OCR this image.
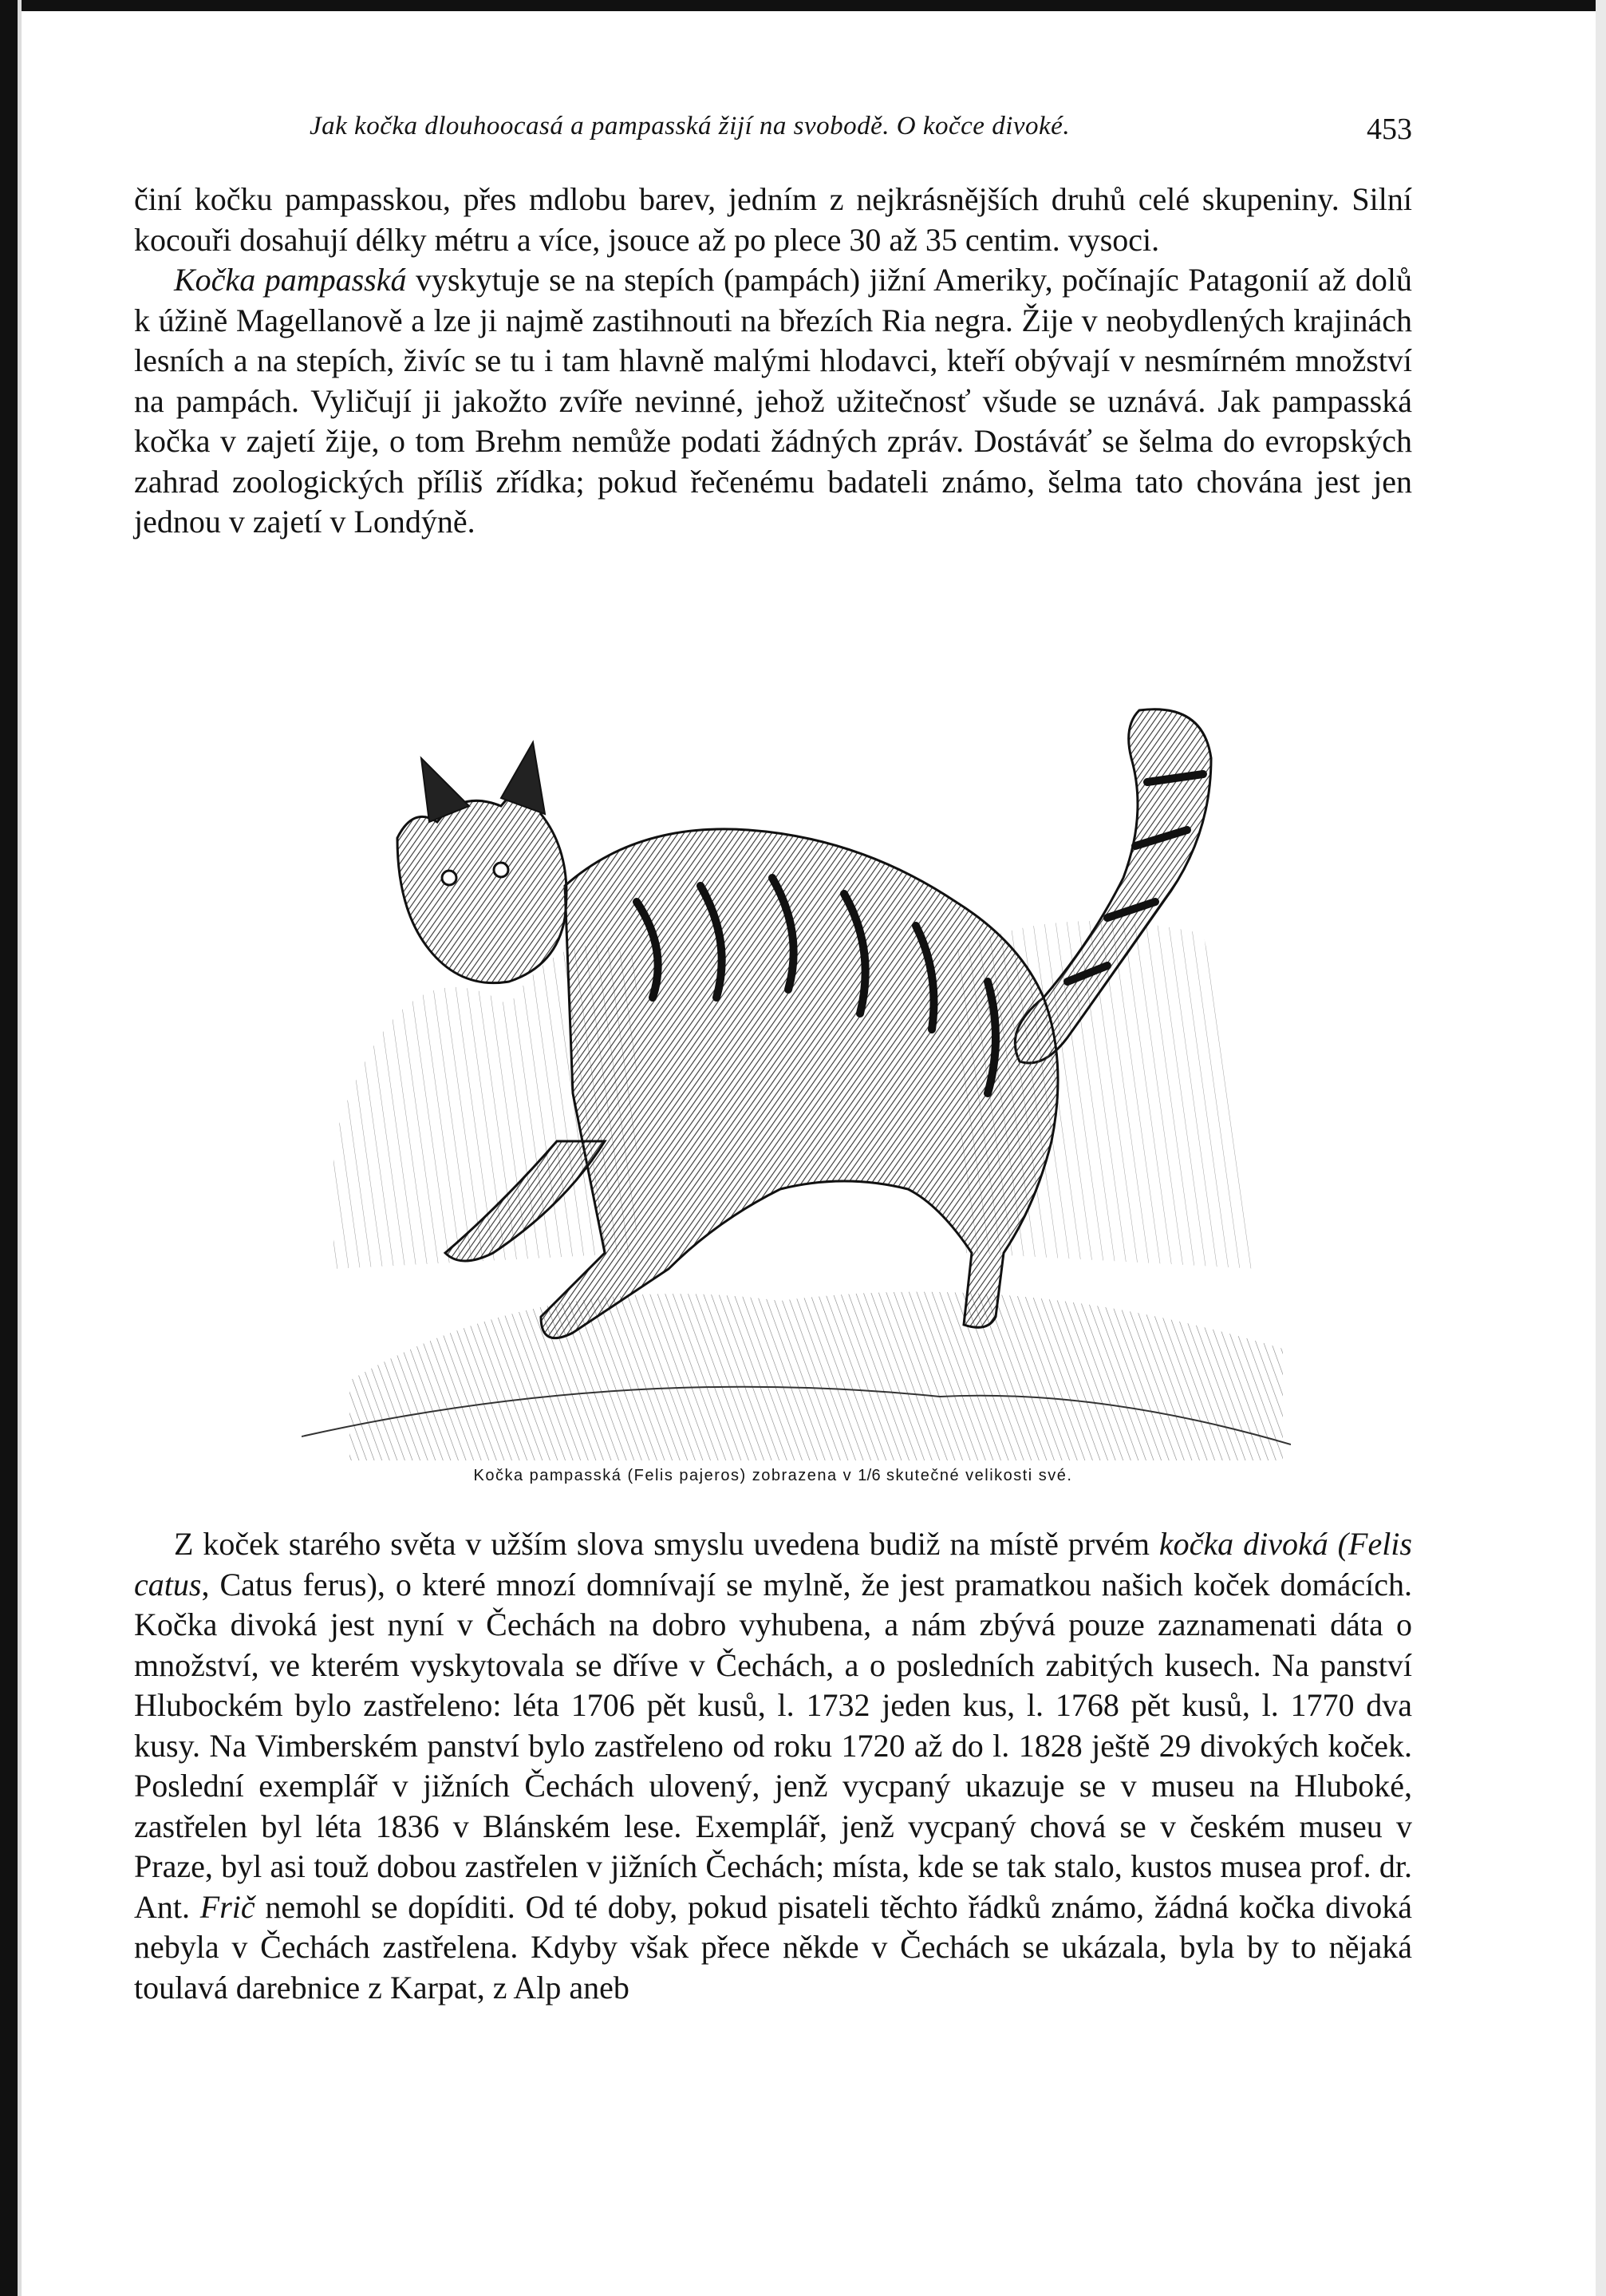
Jak kočka dlouhoocasá a pampasská žijí na svobodě. O kočce divoké.	453
činí kočku pampasskou, přes mdlobu barev, jedním z nejkrásnějších druhů celé skupeniny. Silní kocouři dosahují délky métru a více, jsouce až po plece 30 až 35 centim. vysoci.
Kočka pampasská vyskytuje se na stepích (pampách) jižní Ameriky, počínajíc Patagonií až dolů k úžině Magellanově a lze ji najmě zastihnouti na březích Ria negra. Žije v neobydlených krajinách lesních a na stepích, živíc se tu i tam hlavně malými hlodavci, kteří obývají v nesmírném množství na pampách. Vyličují ji jakožto zvíře nevinné, jehož užitečnosť všude se uznává. Jak pampasská kočka v zajetí žije, o tom Brehm nemůže podati žádných zpráv. Dostáváť se šelma do evropských zahrad zoologických příliš zřídka; pokud řečenému badateli známo, šelma tato chována jest jen jednou v zajetí v Londýně.
Kočka pampasská (Felis pajeros) zobrazena v 1/6 skutečné velikosti své.
Z koček starého světa v užším slova smyslu uvedena budiž na místě prvém kočka divoká (Felis catus, Catus ferus), o které mnozí domnívají se mylně, že jest pramatkou našich koček domácích. Kočka divoká jest nyní v Čechách na dobro vyhubena, a nám zbývá pouze zaznamenati dáta o množství, ve kterém vyskytovala se dříve v Čechách, a o posledních zabitých kusech. Na panství Hlubockém bylo zastřeleno: léta 1706 pět kusů, l. 1732 jeden kus, l. 1768 pět kusů, l. 1770 dva kusy. Na Vimberském panství bylo zastřeleno od roku 1720 až do l. 1828 ještě 29 divokých koček. Poslední exemplář v jižních Čechách ulovený, jenž vycpaný ukazuje se v museu na Hluboké, zastřelen byl léta 1836 v Blánském lese. Exemplář, jenž vycpaný chová se v českém museu v Praze, byl asi touž dobou zastřelen v jižních Čechách; místa, kde se tak stalo, kustos musea prof. dr. Ant. Frič nemohl se dopíditi. Od té doby, pokud pisateli těchto řádků známo, žádná kočka divoká nebyla v Čechách zastřelena. Kdyby však přece někde v Čechách se ukázala, byla by to nějaká toulavá darebnice z Karpat, z Alp aneb
